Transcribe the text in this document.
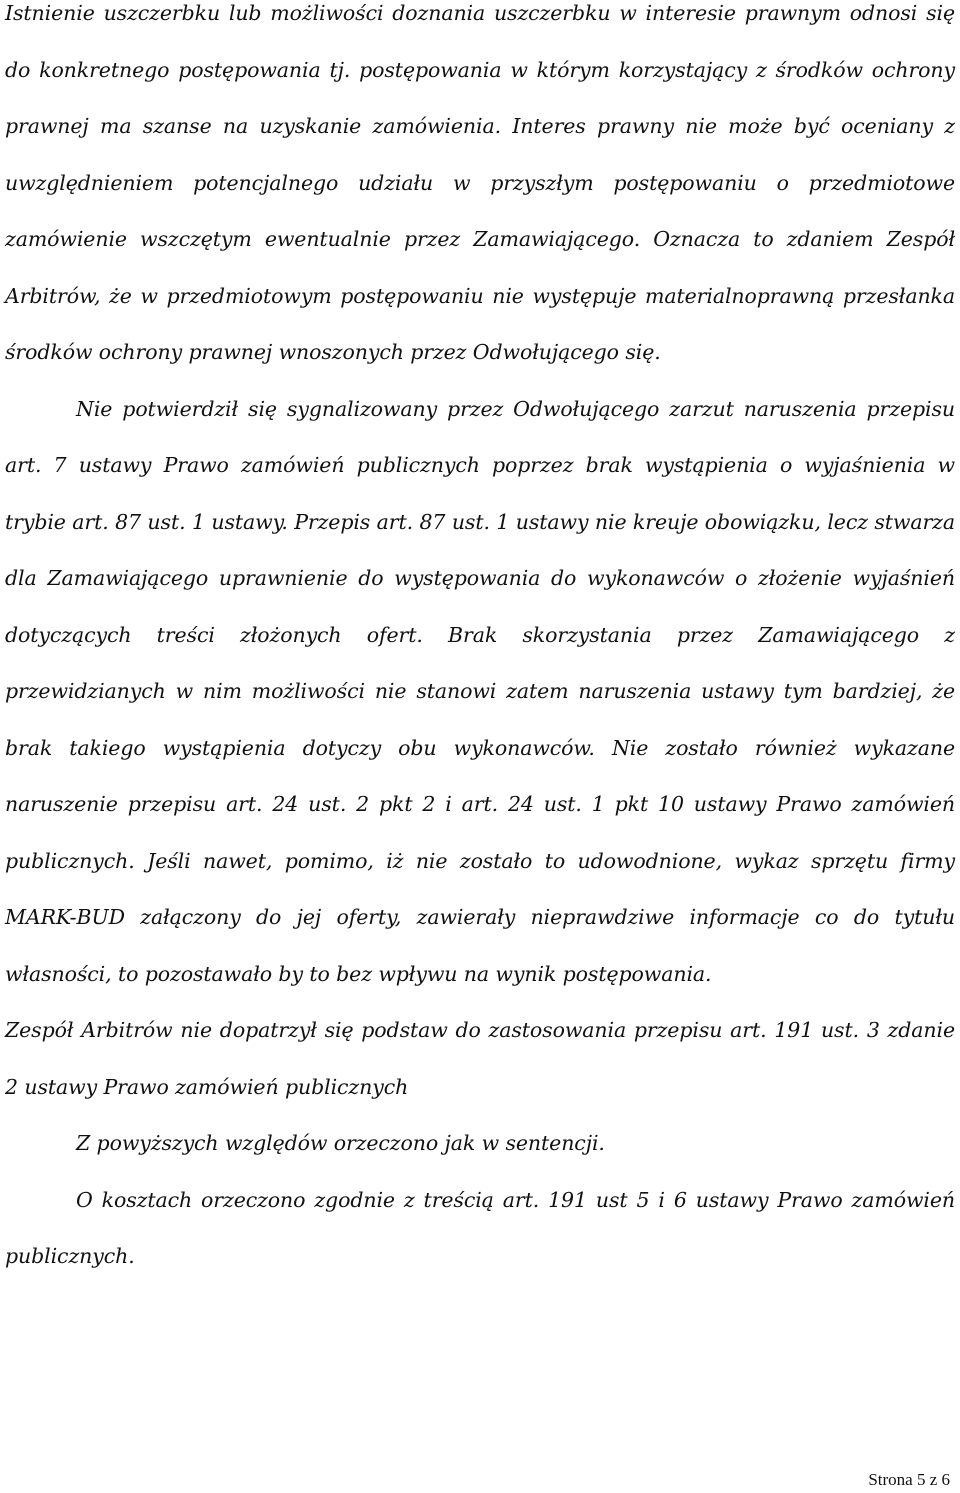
Istnienie uszczerbku lub możliwości doznania uszczerbku w interesie prawnym odnosi się do konkretnego postępowania tj. postępowania w którym korzystający z środków ochrony prawnej ma szanse na uzyskanie zamówienia. Interes prawny nie może być oceniany z uwzględnieniem potencjalnego udziału w przyszłym postępowaniu o przedmiotowe zamówienie wszczętym ewentualnie przez Zamawiającego. Oznacza to zdaniem Zespół Arbitrów, że w przedmiotowym postępowaniu nie występuje materialnoprawną przesłanka środków ochrony prawnej wnoszonych przez Odwołującego się.

Nie potwierdził się sygnalizowany przez Odwołującego zarzut naruszenia przepisu art. 7 ustawy Prawo zamówień publicznych poprzez brak wystąpienia o wyjaśnienia w trybie art. 87 ust. 1 ustawy. Przepis art. 87 ust. 1 ustawy nie kreuje obowiązku, lecz stwarza dla Zamawiającego uprawnienie do występowania do wykonawców o złożenie wyjaśnień dotyczących treści złożonych ofert. Brak skorzystania przez Zamawiającego z przewidzianych w nim możliwości nie stanowi zatem naruszenia ustawy tym bardziej, że brak takiego wystąpienia dotyczy obu wykonawców. Nie zostało również wykazane naruszenie przepisu art. 24 ust. 2 pkt 2 i art. 24 ust. 1 pkt 10 ustawy Prawo zamówień publicznych. Jeśli nawet, pomimo, iż nie zostało to udowodnione, wykaz sprzętu firmy MARK-BUD załączony do jej oferty, zawierały nieprawdziwe informacje co do tytułu własności, to pozostawało by to bez wpływu na wynik postępowania.

Zespół Arbitrów nie dopatrzył się podstaw do zastosowania przepisu art. 191 ust. 3 zdanie 2 ustawy Prawo zamówień publicznych

Z powyższych względów orzeczono jak w sentencji.

O kosztach orzeczono zgodnie z treścią art. 191 ust 5 i 6 ustawy Prawo zamówień publicznych.

Strona 5 z 6
